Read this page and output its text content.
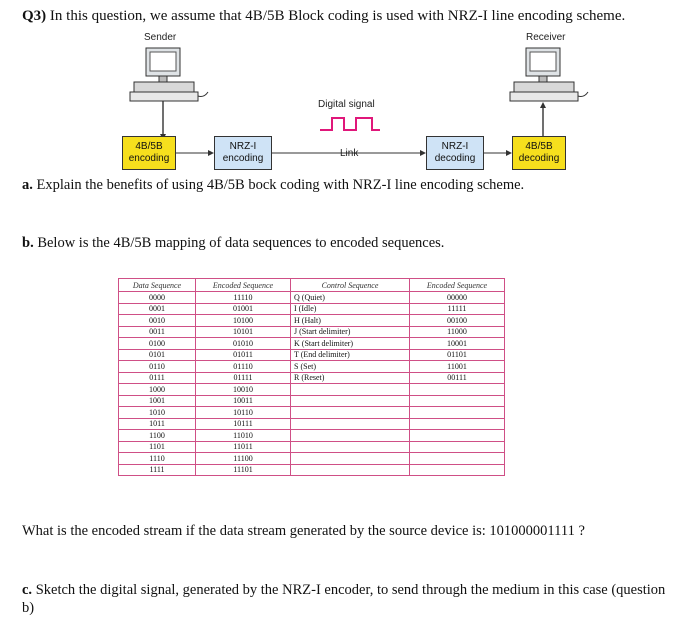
Q3) In this question, we assume that 4B/5B Block coding is used with NRZ-I line encoding scheme.
Sender	Receiver
Digital signal
Link
4B/5B
encoding
NRZ-I
encoding
NRZ-I
decoding
4B/5B
decoding
a. Explain the benefits of using 4B/5B bock coding with NRZ-I line encoding scheme.
b. Below is the 4B/5B mapping of data sequences to encoded sequences.
Data Sequence	Encoded Sequence	Control Sequence	Encoded Sequence
0000	11110	Q (Quiet)	00000
0001	01001	I (Idle)	11111
0010	10100	H (Halt)	00100
0011	10101	J (Start delimiter)	11000
0100	01010	K (Start delimiter)	10001
0101	01011	T (End delimiter)	01101
0110	01110	S (Set)	11001
0111	01111	R (Reset)	00111
1000	10010		
1001	10011		
1010	10110		
1011	10111		
1100	11010		
1101	11011		
1110	11100		
1111	11101		
What is the encoded stream if the data stream generated by the source device is: 101000001111 ?
c. Sketch the digital signal, generated by the NRZ-I encoder, to send through the medium in this case (question
b)
